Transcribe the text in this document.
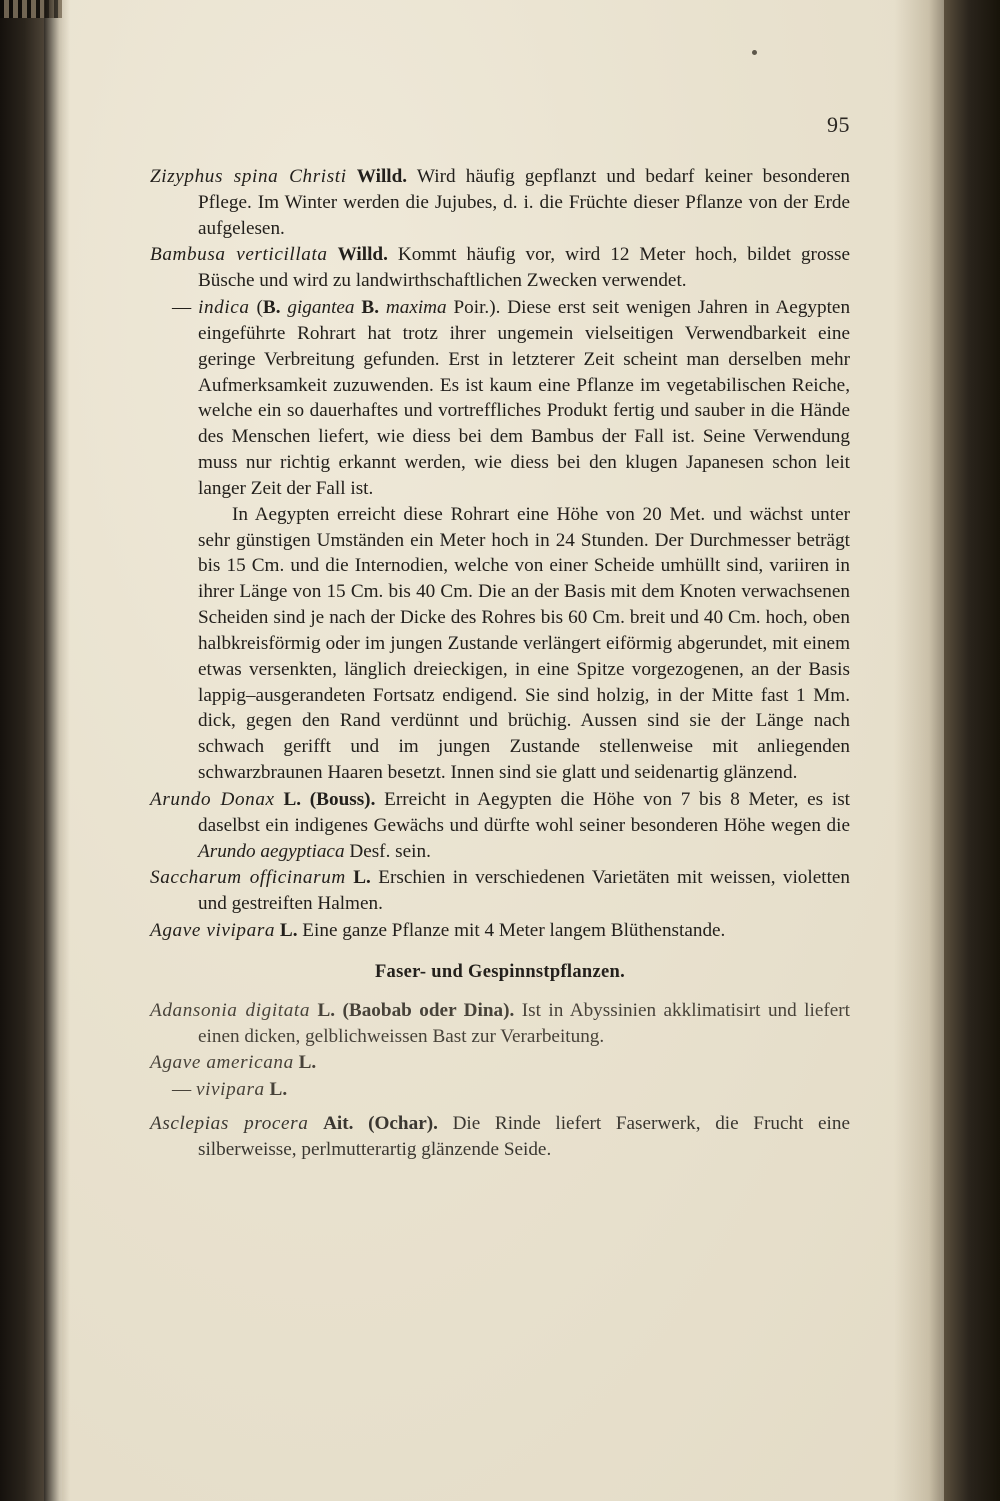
95

Zizyphus spina Christi Willd. Wird häufig gepflanzt und bedarf keiner besonderen Pflege. Im Winter werden die Jujubes, d. i. die Früchte dieser Pflanze von der Erde aufgelesen.

Bambusa verticillata Willd. Kommt häufig vor, wird 12 Meter hoch, bildet grosse Büsche und wird zu landwirthschaftlichen Zwecken verwendet.

— indica (B. gigantea B. maxima Poir.). Diese erst seit wenigen Jahren in Aegypten eingeführte Rohrart hat trotz ihrer ungemein vielseitigen Verwendbarkeit eine geringe Verbreitung gefunden. Erst in letzterer Zeit scheint man derselben mehr Aufmerksamkeit zuzuwenden. Es ist kaum eine Pflanze im vegetabilischen Reiche, welche ein so dauerhaftes und vortreffliches Produkt fertig und sauber in die Hände des Menschen liefert, wie diess bei dem Bambus der Fall ist. Seine Verwendung muss nur richtig erkannt werden, wie diess bei den klugen Japanesen schon leit langer Zeit der Fall ist.

In Aegypten erreicht diese Rohrart eine Höhe von 20 Met. und wächst unter sehr günstigen Umständen ein Meter hoch in 24 Stunden. Der Durchmesser beträgt bis 15 Cm. und die Internodien, welche von einer Scheide umhüllt sind, variiren in ihrer Länge von 15 Cm. bis 40 Cm. Die an der Basis mit dem Knoten verwachsenen Scheiden sind je nach der Dicke des Rohres bis 60 Cm. breit und 40 Cm. hoch, oben halbkreisförmig oder im jungen Zustande verlängert eiförmig abgerundet, mit einem etwas versenkten, länglich dreieckigen, in eine Spitze vorgezogenen, an der Basis lappig–ausgerandeten Fortsatz endigend. Sie sind holzig, in der Mitte fast 1 Mm. dick, gegen den Rand verdünnt und brüchig. Aussen sind sie der Länge nach schwach gerifft und im jungen Zustande stellenweise mit anliegenden schwarzbraunen Haaren besetzt. Innen sind sie glatt und seidenartig glänzend.

Arundo Donax L. (Bouss). Erreicht in Aegypten die Höhe von 7 bis 8 Meter, es ist daselbst ein indigenes Gewächs und dürfte wohl seiner besonderen Höhe wegen die Arundo aegyptiaca Desf. sein.

Saccharum officinarum L. Erschien in verschiedenen Varietäten mit weissen, violetten und gestreiften Halmen.

Agave vivipara L. Eine ganze Pflanze mit 4 Meter langem Blüthenstande.

Faser- und Gespinnstpflanzen.

Adansonia digitata L. (Baobab oder Dina). Ist in Abyssinien akklimatisirt und liefert einen dicken, gelblichweissen Bast zur Verarbeitung.

Agave americana L.

— vivipara L.

Asclepias procera Ait. (Ochar). Die Rinde liefert Faserwerk, die Frucht eine silberweisse, perlmutterartig glänzende Seide.
